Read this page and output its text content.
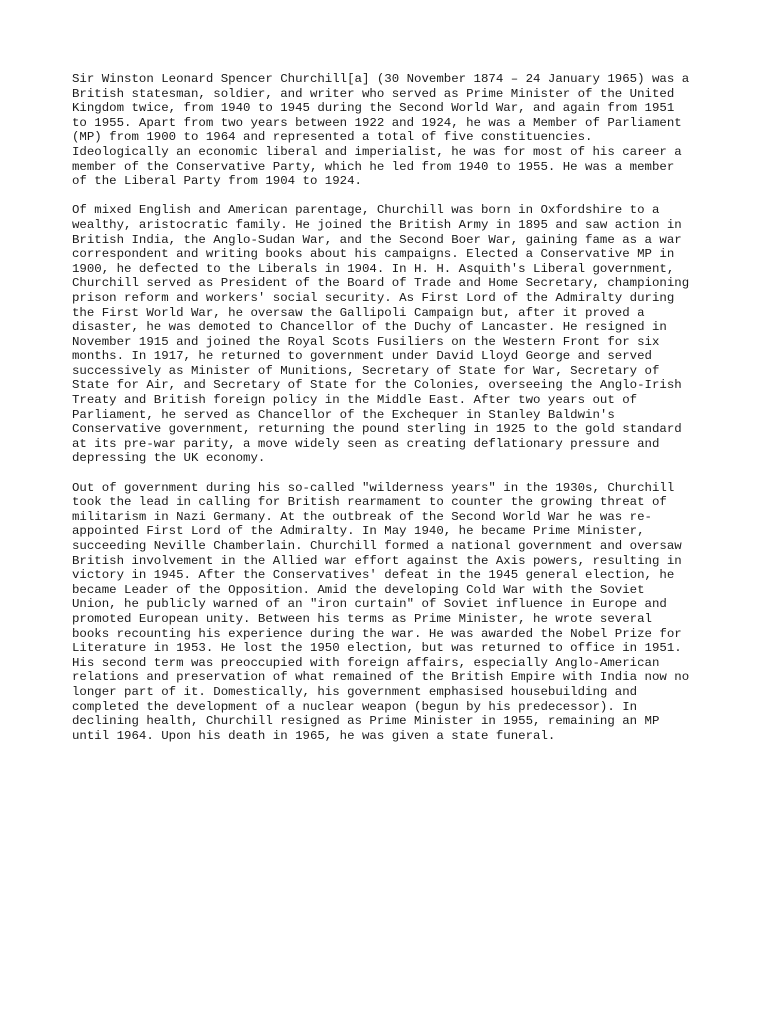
Sir Winston Leonard Spencer Churchill[a] (30 November 1874 – 24 January 1965) was a
British statesman, soldier, and writer who served as Prime Minister of the United
Kingdom twice, from 1940 to 1945 during the Second World War, and again from 1951
to 1955. Apart from two years between 1922 and 1924, he was a Member of Parliament
(MP) from 1900 to 1964 and represented a total of five constituencies.
Ideologically an economic liberal and imperialist, he was for most of his career a
member of the Conservative Party, which he led from 1940 to 1955. He was a member
of the Liberal Party from 1904 to 1924.
Of mixed English and American parentage, Churchill was born in Oxfordshire to a
wealthy, aristocratic family. He joined the British Army in 1895 and saw action in
British India, the Anglo-Sudan War, and the Second Boer War, gaining fame as a war
correspondent and writing books about his campaigns. Elected a Conservative MP in
1900, he defected to the Liberals in 1904. In H. H. Asquith's Liberal government,
Churchill served as President of the Board of Trade and Home Secretary, championing
prison reform and workers' social security. As First Lord of the Admiralty during
the First World War, he oversaw the Gallipoli Campaign but, after it proved a
disaster, he was demoted to Chancellor of the Duchy of Lancaster. He resigned in
November 1915 and joined the Royal Scots Fusiliers on the Western Front for six
months. In 1917, he returned to government under David Lloyd George and served
successively as Minister of Munitions, Secretary of State for War, Secretary of
State for Air, and Secretary of State for the Colonies, overseeing the Anglo-Irish
Treaty and British foreign policy in the Middle East. After two years out of
Parliament, he served as Chancellor of the Exchequer in Stanley Baldwin's
Conservative government, returning the pound sterling in 1925 to the gold standard
at its pre-war parity, a move widely seen as creating deflationary pressure and
depressing the UK economy.
Out of government during his so-called "wilderness years" in the 1930s, Churchill
took the lead in calling for British rearmament to counter the growing threat of
militarism in Nazi Germany. At the outbreak of the Second World War he was re-
appointed First Lord of the Admiralty. In May 1940, he became Prime Minister,
succeeding Neville Chamberlain. Churchill formed a national government and oversaw
British involvement in the Allied war effort against the Axis powers, resulting in
victory in 1945. After the Conservatives' defeat in the 1945 general election, he
became Leader of the Opposition. Amid the developing Cold War with the Soviet
Union, he publicly warned of an "iron curtain" of Soviet influence in Europe and
promoted European unity. Between his terms as Prime Minister, he wrote several
books recounting his experience during the war. He was awarded the Nobel Prize for
Literature in 1953. He lost the 1950 election, but was returned to office in 1951.
His second term was preoccupied with foreign affairs, especially Anglo-American
relations and preservation of what remained of the British Empire with India now no
longer part of it. Domestically, his government emphasised housebuilding and
completed the development of a nuclear weapon (begun by his predecessor). In
declining health, Churchill resigned as Prime Minister in 1955, remaining an MP
until 1964. Upon his death in 1965, he was given a state funeral.
